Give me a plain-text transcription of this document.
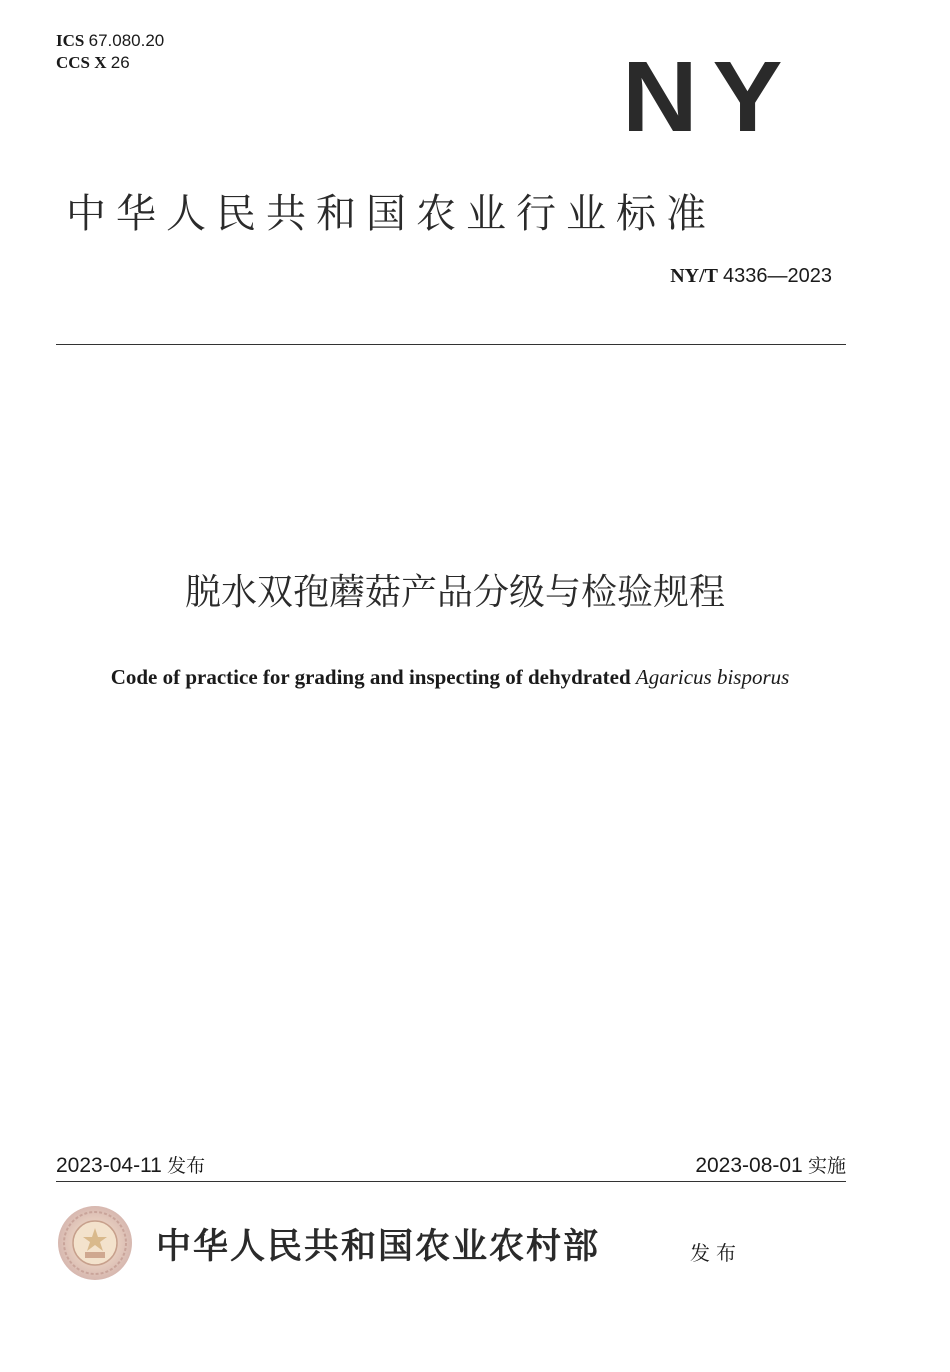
ICS 67.080.20
CCS X 26	NY
中华人民共和国农业行业标准
NY/T 4336—2023
脱水双孢蘑菇产品分级与检验规程
Code of practice for grading and inspecting of dehydrated Agaricus bisporus
2023-04-11 发布	2023-08-01 实施
中华人民共和国农业农村部	发布
